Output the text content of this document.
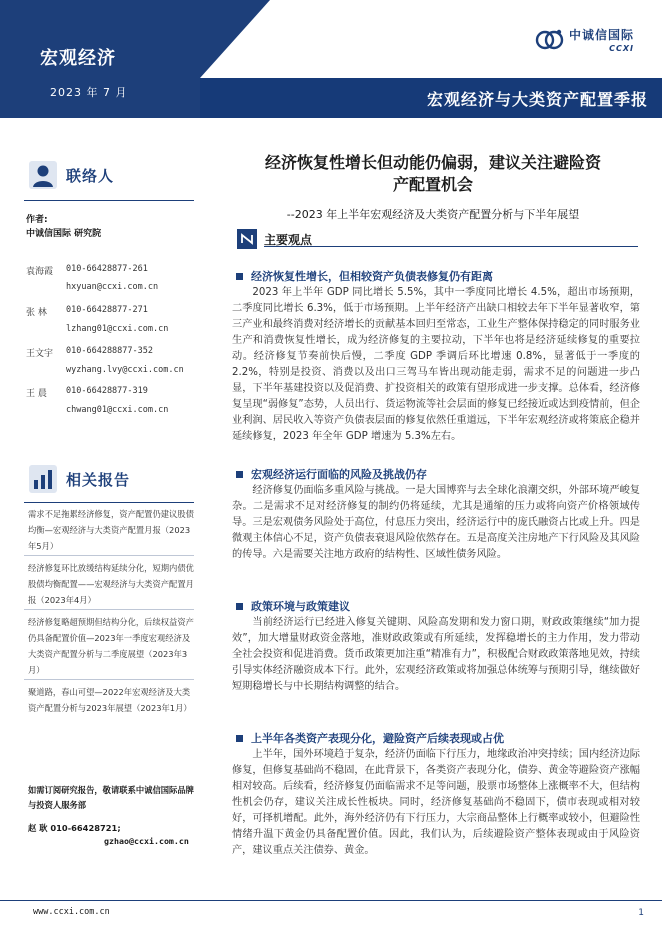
宏观经济
2023 年 7 月	宏观经济与大类资产配置季报
中诚信国际
CCXI
联络人
作者:
中诚信国际 研究院
袁海霞	010-66428877-261
hxyuan@ccxi.com.cn
张 林	010-66428877-271
lzhang01@ccxi.com.cn
王文宇	010-664288877-352
wyzhang.lvy@ccxi.com.cn
王 晨	010-66428877-319
chwang01@ccxi.com.cn
相关报告
需求不足拖累经济修复，资产配置仍建议股债均衡—宏观经济与大类资产配置月报（2023年5月）
经济修复环比放缓结构延续分化，短期内债优股债均衡配置——宏观经济与大类资产配置月报（2023年4月）
经济修复略超预期但结构分化，后续权益资产仍具备配置价值—2023年一季度宏观经济及大类资产配置分析与二季度展望（2023年3月）
聚道路，春山可望—2022年宏观经济及大类资产配置分析与2023年展望（2023年1月）
如需订阅研究报告，敬请联系中诚信国际品牌与投资人服务部
赵 耿 010-66428721;
gzhao@ccxi.com.cn
经济恢复性增长但动能仍偏弱，建议关注避险资
产配置机会
--2023 年上半年宏观经济及大类资产配置分析与下半年展望
主要观点
经济恢复性增长，但相较资产负债表修复仍有距离
2023 年上半年 GDP 同比增长 5.5%，其中一季度同比增长 4.5%，超出市场预期，二季度同比增长 6.3%，低于市场预期。上半年经济产出缺口相较去年下半年显著收窄，第三产业和最终消费对经济增长的贡献基本回归至常态，工业生产整体保持稳定的同时服务业生产和消费恢复性增长，成为经济修复的主要拉动，下半年也将是经济延续修复的重要拉动。经济修复节奏前快后慢，二季度 GDP 季调后环比增速 0.8%，显著低于一季度的 2.2%，特别是投资、消费以及出口三驾马车皆出现动能走弱，需求不足的问题进一步凸显，下半年基建投资以及促消费、扩投资相关的政策有望形成进一步支撑。总体看，经济修复呈现“弱修复”态势，人员出行、货运物流等社会层面的修复已经接近或达到疫情前，但企业利润、居民收入等资产负债表层面的修复依然任重道远，下半年宏观经济或将策底企稳并延续修复，2023 年全年 GDP 增速为 5.3%左右。
宏观经济运行面临的风险及挑战仍存
经济修复仍面临多重风险与挑战。一是大国博弈与去全球化浪潮交织，外部环境严峻复杂。二是需求不足对经济修复的制约仍将延续，尤其是通缩的压力或将向资产价格领域传导。三是宏观债务风险处于高位，付息压力突出，经济运行中的庞氏融资占比或上升。四是微观主体信心不足，资产负债表衰退风险依然存在。五是高度关注房地产下行风险及其风险的传导。六是需要关注地方政府的结构性、区域性债务风险。
政策环境与政策建议
当前经济运行已经进入修复关键期、风险高发期和发力窗口期，财政政策继续“加力提效”，加大增量财政资金落地，准财政政策或有所延续，发挥稳增长的主力作用，发力带动全社会投资和促进消费。货币政策更加注重“精准有力”，积极配合财政政策落地见效，持续引导实体经济融资成本下行。此外，宏观经济政策或将加强总体统筹与预期引导，继续做好短期稳增长与中长期结构调整的结合。
上半年各类资产表现分化，避险资产后续表现或占优
上半年，国外环境趋于复杂，经济仍面临下行压力，地缘政治冲突持续；国内经济边际修复，但修复基础尚不稳固，在此背景下，各类资产表现分化，债券、黄金等避险资产涨幅相对较高。后续看，经济修复仍面临需求不足等问题，股票市场整体上涨概率不大，但结构性机会仍存，建议关注成长性板块。同时，经济修复基础尚不稳固下，债市表现或相对较好，可择机增配。此外，海外经济仍有下行压力，大宗商品整体上行概率或较小，但避险性情绪升温下黄金仍具备配置价值。因此，我们认为，后续避险资产整体表现或由于风险资产，建议重点关注债券、黄金。
www.ccxi.com.cn	1
